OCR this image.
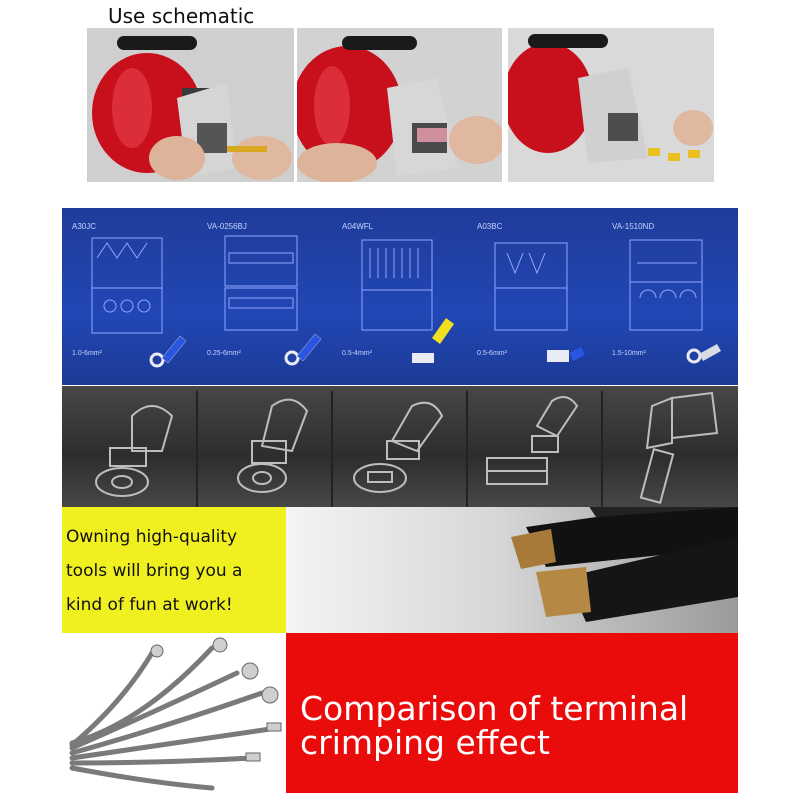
Use schematic
A30JC
1.0-6mm²
VA-0256BJ
0.25-6mm²
A04WFL
0.5-4mm²
A03BC
0.5-6mm²
VA-1510ND
1.5-10mm²
Owning high-quality
tools will bring you a
kind of fun at work!
Comparison of terminal
crimping effect
